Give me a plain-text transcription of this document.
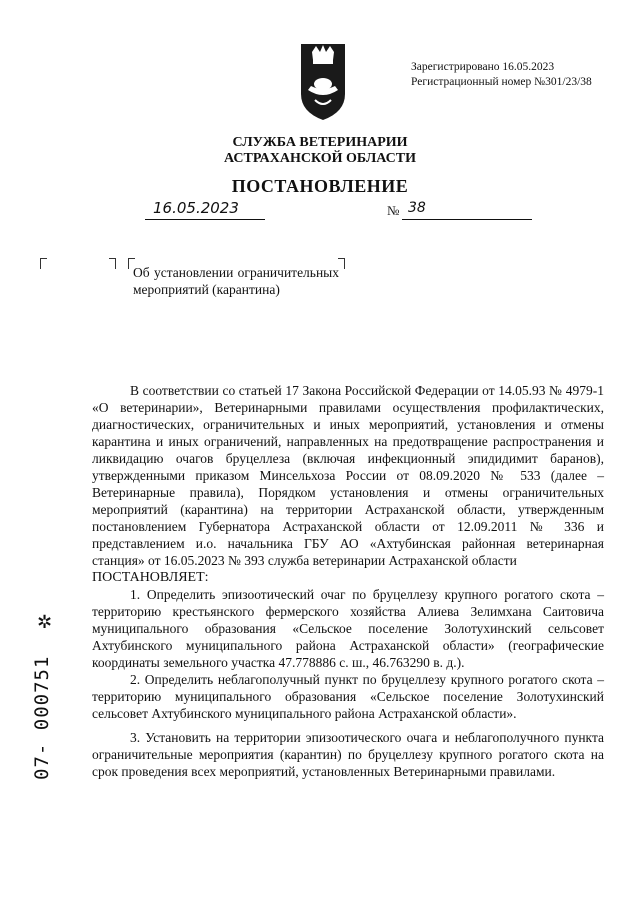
Зарегистрировано 16.05.2023
Регистрационный номер №301/23/38
СЛУЖБА ВЕТЕРИНАРИИ
АСТРАХАНСКОЙ ОБЛАСТИ
ПОСТАНОВЛЕНИЕ
16.05.2023	№ 38
Об установлении ограничительных мероприятий (карантина)

В соответствии со статьей 17 Закона Российской Федерации от 14.05.93 № 4979-1 «О ветеринарии», Ветеринарными правилами осуществления профилактических, диагностических, ограничительных и иных мероприятий, установления и отмены карантина и иных ограничений, направленных на предотвращение распространения и ликвидацию очагов бруцеллеза (включая инфекционный эпидидимит баранов), утвержденными приказом Минсельхоза России от 08.09.2020 № 533 (далее – Ветеринарные правила), Порядком установления и отмены ограничительных мероприятий (карантина) на территории Астраханской области, утвержденным постановлением Губернатора Астраханской области от 12.09.2011 № 336 и представлением и.о. начальника ГБУ АО «Ахтубинская районная ветеринарная станция» от 16.05.2023 № 393 служба ветеринарии Астраханской области

ПОСТАНОВЛЯЕТ:

1. Определить эпизоотический очаг по бруцеллезу крупного рогатого скота – территорию крестьянского фермерского хозяйства Алиева Зелимхана Саитовича муниципального образования «Сельское поселение Золотухинский сельсовет Ахтубинского муниципального района Астраханской области» (географические координаты земельного участка 47.778886 с. ш., 46.763290 в. д.).

2. Определить неблагополучный пункт по бруцеллезу крупного рогатого скота – территорию муниципального образования «Сельское поселение Золотухинский сельсовет Ахтубинского муниципального района Астраханской области».

3. Установить на территории эпизоотического очага и неблагополучного пункта ограничительные мероприятия (карантин) по бруцеллезу крупного рогатого скота на срок проведения всех мероприятий, установленных Ветеринарными правилами.

✲
07- 000751
